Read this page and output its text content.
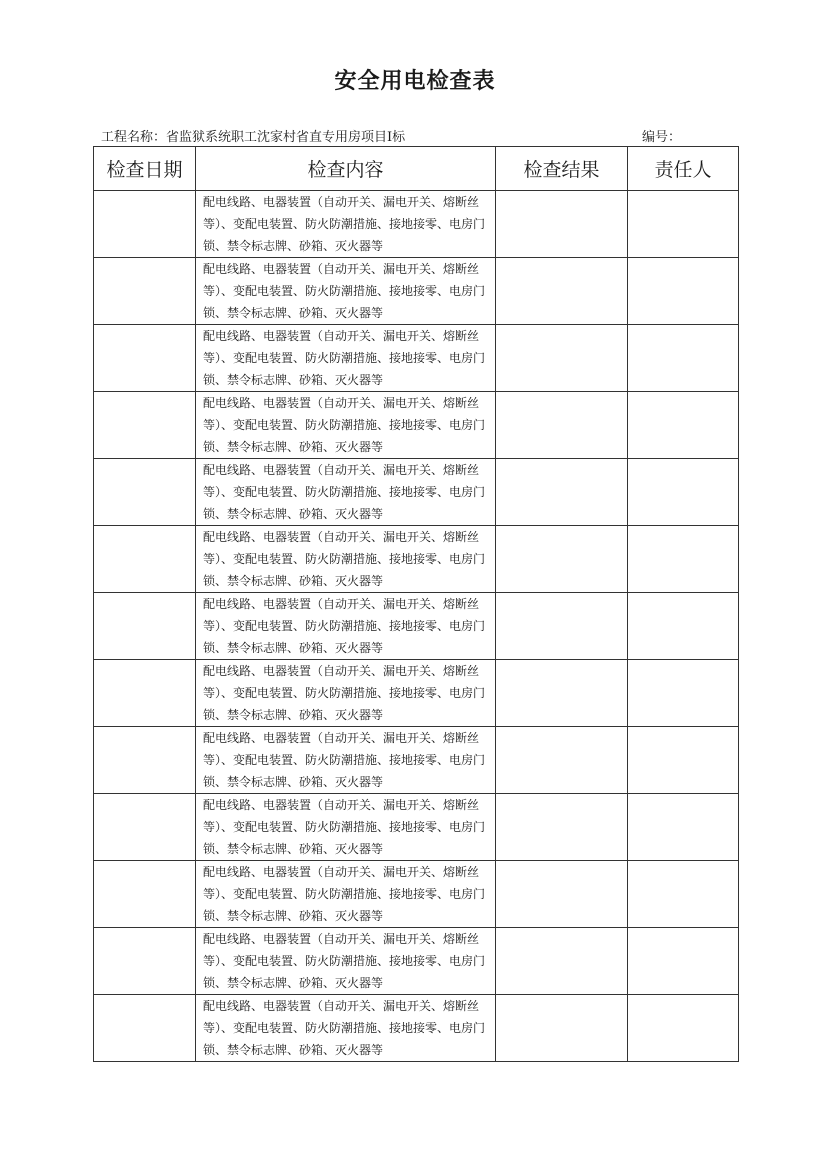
安全用电检查表
工程名称：省监狱系统职工沈家村省直专用房项目Ⅰ标	编号：
检查日期	检查内容	检查结果	责任人
	配电线路、电器装置（自动开关、漏电开关、熔断丝等）、变配电装置、防火防潮措施、接地接零、电房门锁、禁令标志牌、砂箱、灭火器等		
	配电线路、电器装置（自动开关、漏电开关、熔断丝等）、变配电装置、防火防潮措施、接地接零、电房门锁、禁令标志牌、砂箱、灭火器等		
	配电线路、电器装置（自动开关、漏电开关、熔断丝等）、变配电装置、防火防潮措施、接地接零、电房门锁、禁令标志牌、砂箱、灭火器等		
	配电线路、电器装置（自动开关、漏电开关、熔断丝等）、变配电装置、防火防潮措施、接地接零、电房门锁、禁令标志牌、砂箱、灭火器等		
	配电线路、电器装置（自动开关、漏电开关、熔断丝等）、变配电装置、防火防潮措施、接地接零、电房门锁、禁令标志牌、砂箱、灭火器等		
	配电线路、电器装置（自动开关、漏电开关、熔断丝等）、变配电装置、防火防潮措施、接地接零、电房门锁、禁令标志牌、砂箱、灭火器等		
	配电线路、电器装置（自动开关、漏电开关、熔断丝等）、变配电装置、防火防潮措施、接地接零、电房门锁、禁令标志牌、砂箱、灭火器等		
	配电线路、电器装置（自动开关、漏电开关、熔断丝等）、变配电装置、防火防潮措施、接地接零、电房门锁、禁令标志牌、砂箱、灭火器等		
	配电线路、电器装置（自动开关、漏电开关、熔断丝等）、变配电装置、防火防潮措施、接地接零、电房门锁、禁令标志牌、砂箱、灭火器等		
	配电线路、电器装置（自动开关、漏电开关、熔断丝等）、变配电装置、防火防潮措施、接地接零、电房门锁、禁令标志牌、砂箱、灭火器等		
	配电线路、电器装置（自动开关、漏电开关、熔断丝等）、变配电装置、防火防潮措施、接地接零、电房门锁、禁令标志牌、砂箱、灭火器等		
	配电线路、电器装置（自动开关、漏电开关、熔断丝等）、变配电装置、防火防潮措施、接地接零、电房门锁、禁令标志牌、砂箱、灭火器等		
	配电线路、电器装置（自动开关、漏电开关、熔断丝等）、变配电装置、防火防潮措施、接地接零、电房门锁、禁令标志牌、砂箱、灭火器等		
